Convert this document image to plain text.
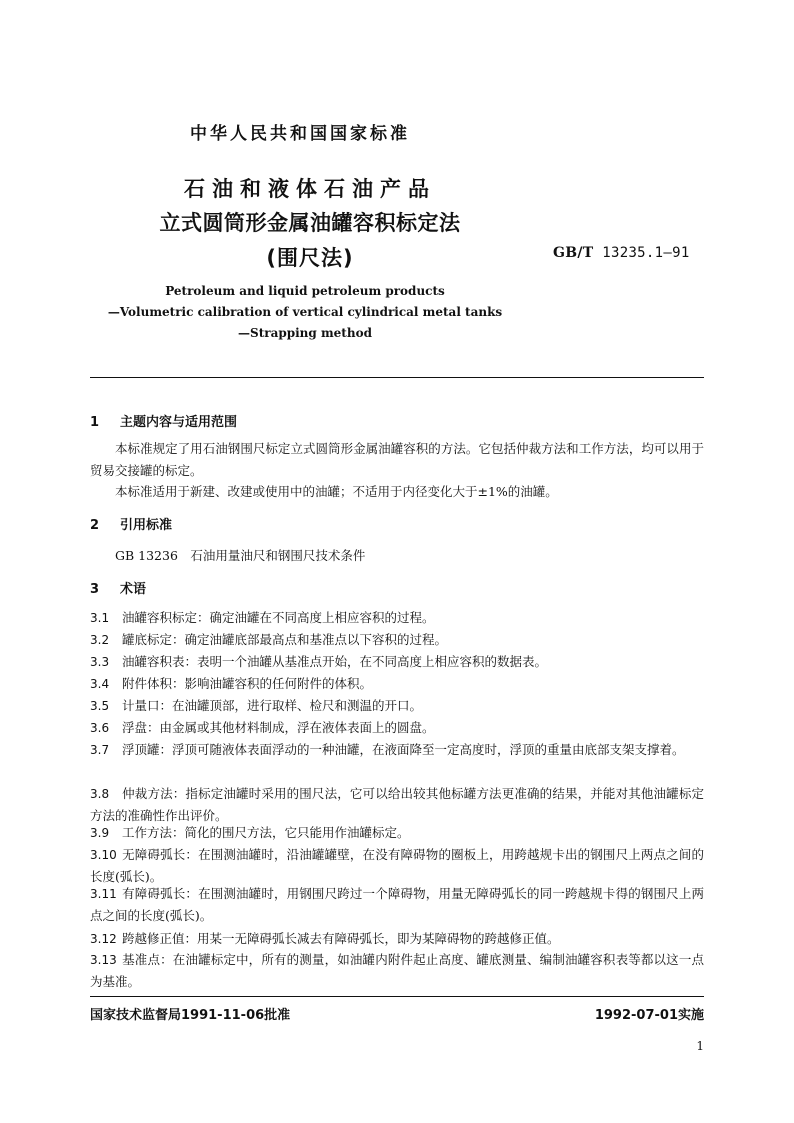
中华人民共和国国家标准
石油和液体石油产品
立式圆筒形金属油罐容积标定法
(围尺法)	GB/T 13235.1—91
Petroleum and liquid petroleum products
—Volumetric calibration of vertical cylindrical metal tanks
—Strapping method
1 主题内容与适用范围
本标准规定了用石油钢围尺标定立式圆筒形金属油罐容积的方法。它包括仲裁方法和工作方法，均可以用于贸易交接罐的标定。
本标准适用于新建、改建或使用中的油罐；不适用于内径变化大于±1%的油罐。
2 引用标准
GB 13236　石油用量油尺和钢围尺技术条件
3 术语
3.1 油罐容积标定：确定油罐在不同高度上相应容积的过程。
3.2 罐底标定：确定油罐底部最高点和基准点以下容积的过程。
3.3 油罐容积表：表明一个油罐从基准点开始，在不同高度上相应容积的数据表。
3.4 附件体积：影响油罐容积的任何附件的体积。
3.5 计量口：在油罐顶部，进行取样、检尺和测温的开口。
3.6 浮盘：由金属或其他材料制成，浮在液体表面上的圆盘。
3.7 浮顶罐：浮顶可随液体表面浮动的一种油罐，在液面降至一定高度时，浮顶的重量由底部支架支撑着。
3.8 仲裁方法：指标定油罐时采用的围尺法，它可以给出较其他标罐方法更准确的结果，并能对其他油罐标定方法的准确性作出评价。
3.9 工作方法：简化的围尺方法，它只能用作油罐标定。
3.10 无障碍弧长：在围测油罐时，沿油罐罐壁，在没有障碍物的圈板上，用跨越规卡出的钢围尺上两点之间的长度(弧长)。
3.11 有障碍弧长：在围测油罐时，用钢围尺跨过一个障碍物，用量无障碍弧长的同一跨越规卡得的钢围尺上两点之间的长度(弧长)。
3.12 跨越修正值：用某一无障碍弧长减去有障碍弧长，即为某障碍物的跨越修正值。
3.13 基准点：在油罐标定中，所有的测量，如油罐内附件起止高度、罐底测量、编制油罐容积表等都以这一点为基准。
国家技术监督局1991-11-06批准	1992-07-01实施
1
